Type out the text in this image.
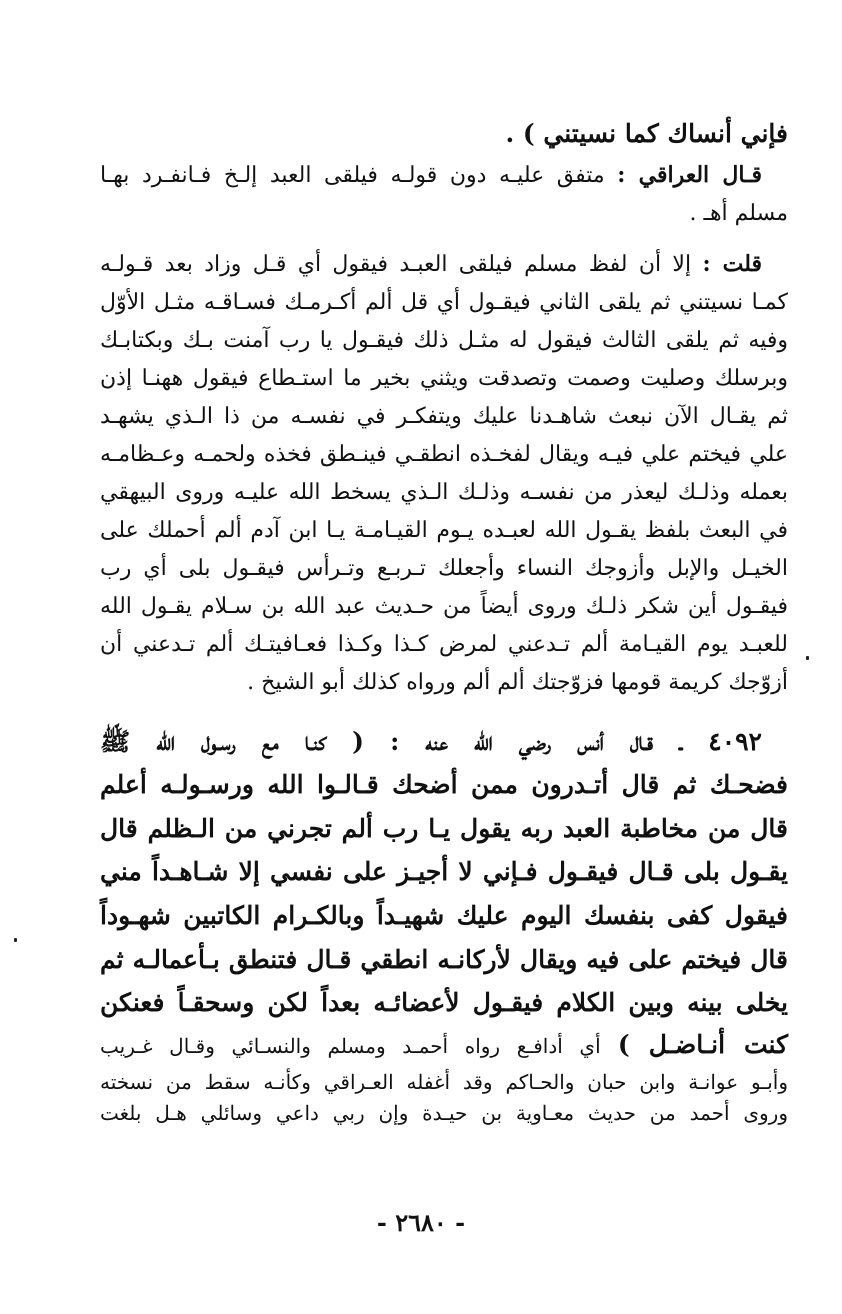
فإني أنساك كما نسيتني ) .
قـال العراقي : متفق عليـه دون قولـه فيلقى العبد إلـخ فـانفـرد بهـا
مسلم أهـ .
قلت : إلا أن لفظ مسلم فيلقى العبـد فيقول أي قـل وزاد بعد قـولـه
كمـا نسيتني ثم يلقى الثاني فيقـول أي قل ألم أكـرمـك فسـاقـه مثـل الأوّل
وفيه ثم يلقى الثالث فيقول له مثـل ذلك فيقـول يا رب آمنت بـك وبكتابـك
وبرسلك وصليت وصمت وتصدقت ويثني بخير ما استـطاع فيقول ههنـا إذن
ثم يقـال الآن نبعث شاهـدنا عليك ويتفكـر في نفسـه من ذا الـذي يشهـد
علي فيختم علي فيـه ويقال لفخـذه انطقـي فينـطق فخذه ولحمـه وعـظامـه
بعمله وذلـك ليعذر من نفسـه وذلـك الـذي يسخط الله عليـه وروى البيهقي
في البعث بلفظ يقـول الله لعبـده يـوم القيـامـة يـا ابن آدم ألم أحملك على
الخيـل والإبل وأزوجك النساء وأجعلك تـربـع وتـرأس فيقـول بلى أي رب
فيقـول أين شكر ذلـك وروى أيضاً من حـديث عبد الله بن سـلام يقـول الله
للعبـد يوم القيـامة ألم تـدعني لمرض كـذا وكـذا فعـافيتـك ألم تـدعني أن
أزوّجك كريمة قومها فزوّجتك ألم ألم ورواه كذلك أبو الشيخ .
٤٠٩٢ ـ قـال أنس رضي الله عنه : ( كنـا مع رسـول الله ﷺ
فضحـك ثم قال أتـدرون ممن أضحك قـالـوا الله ورسـولـه أعلم
قال من مخاطبة العبد ربه يقول يـا رب ألم تجرني من الـظلم قال
يقـول بلى قـال فيقـول فـإني لا أجيـز على نفسي إلا شـاهـداً مني
فيقول كفى بنفسك اليوم عليك شهيـداً وبالكـرام الكاتبين شهـوداً
قال فيختم على فيه ويقال لأركانـه انطقي قـال فتنطق بـأعمالـه ثم
يخلى بينه وبين الكلام فيقـول لأعضائـه بعداً لكن وسحقـاً فعنكن
كنت أنـاضـل ) أي أدافـع رواه أحمـد ومسلم والنسـائي وقـال غـريب
وأبـو عوانـة وابن حبان والحـاكم وقد أغفله العـراقي وكأنـه سقط من نسخته
وروى أحمد من حديث معـاوية بن حيـدة وإن ربي داعي وسائلي هـل بلغت
- ٢٦٨٠ -
